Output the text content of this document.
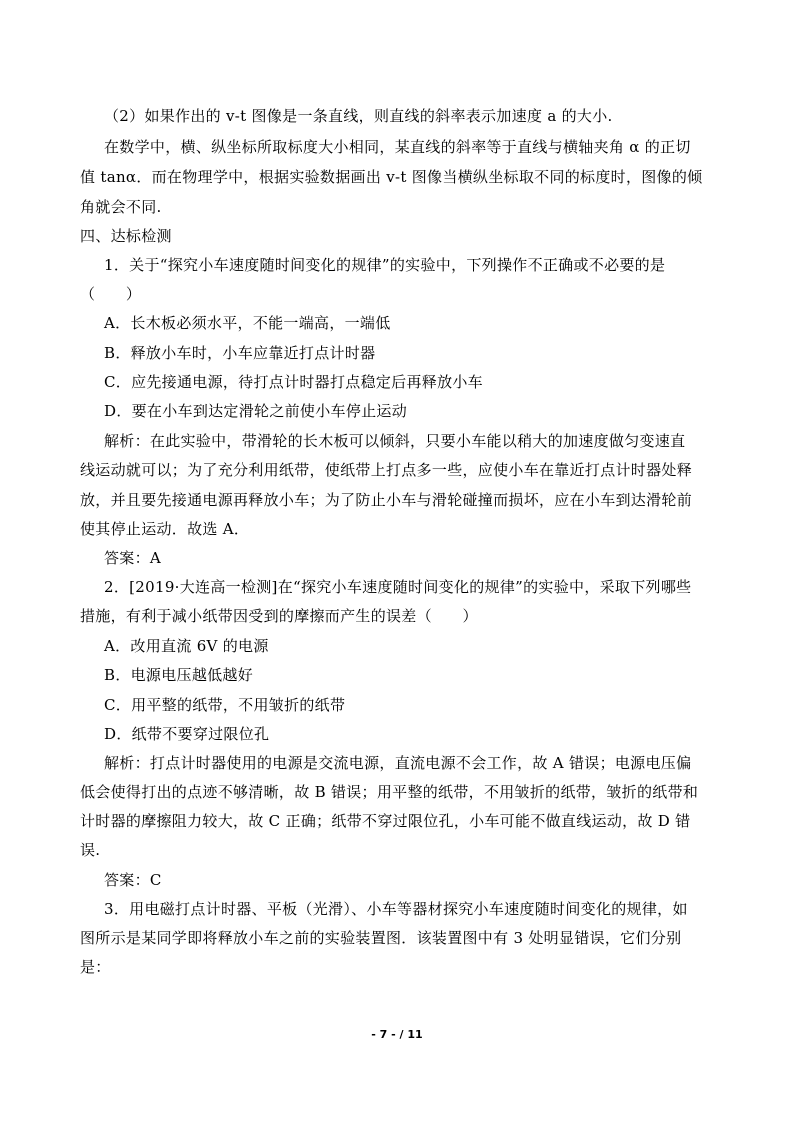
（2）如果作出的 v-t 图像是一条直线，则直线的斜率表示加速度 a 的大小.
在数学中，横、纵坐标所取标度大小相同，某直线的斜率等于直线与横轴夹角 α 的正切
值 tanα．而在物理学中，根据实验数据画出 v-t 图像当横纵坐标取不同的标度时，图像的倾
角就会不同.
四、达标检测
1．关于“探究小车速度随时间变化的规律”的实验中，下列操作不正确或不必要的是
（　　）
A．长木板必须水平，不能一端高，一端低
B．释放小车时，小车应靠近打点计时器
C．应先接通电源，待打点计时器打点稳定后再释放小车
D．要在小车到达定滑轮之前使小车停止运动
解析：在此实验中，带滑轮的长木板可以倾斜，只要小车能以稍大的加速度做匀变速直
线运动就可以；为了充分利用纸带，使纸带上打点多一些，应使小车在靠近打点计时器处释
放，并且要先接通电源再释放小车；为了防止小车与滑轮碰撞而损坏，应在小车到达滑轮前
使其停止运动．故选 A．
答案：A
2．[2019·大连高一检测]在“探究小车速度随时间变化的规律”的实验中，采取下列哪些
措施，有利于减小纸带因受到的摩擦而产生的误差（　　）
A．改用直流 6V 的电源
B．电源电压越低越好
C．用平整的纸带，不用皱折的纸带
D．纸带不要穿过限位孔
解析：打点计时器使用的电源是交流电源，直流电源不会工作，故 A 错误；电源电压偏
低会使得打出的点迹不够清晰，故 B 错误；用平整的纸带，不用皱折的纸带，皱折的纸带和
计时器的摩擦阻力较大，故 C 正确；纸带不穿过限位孔，小车可能不做直线运动，故 D 错
误.
答案：C
3．用电磁打点计时器、平板（光滑）、小车等器材探究小车速度随时间变化的规律，如
图所示是某同学即将释放小车之前的实验装置图．该装置图中有 3 处明显错误，它们分别
是：
- 7 - / 11
